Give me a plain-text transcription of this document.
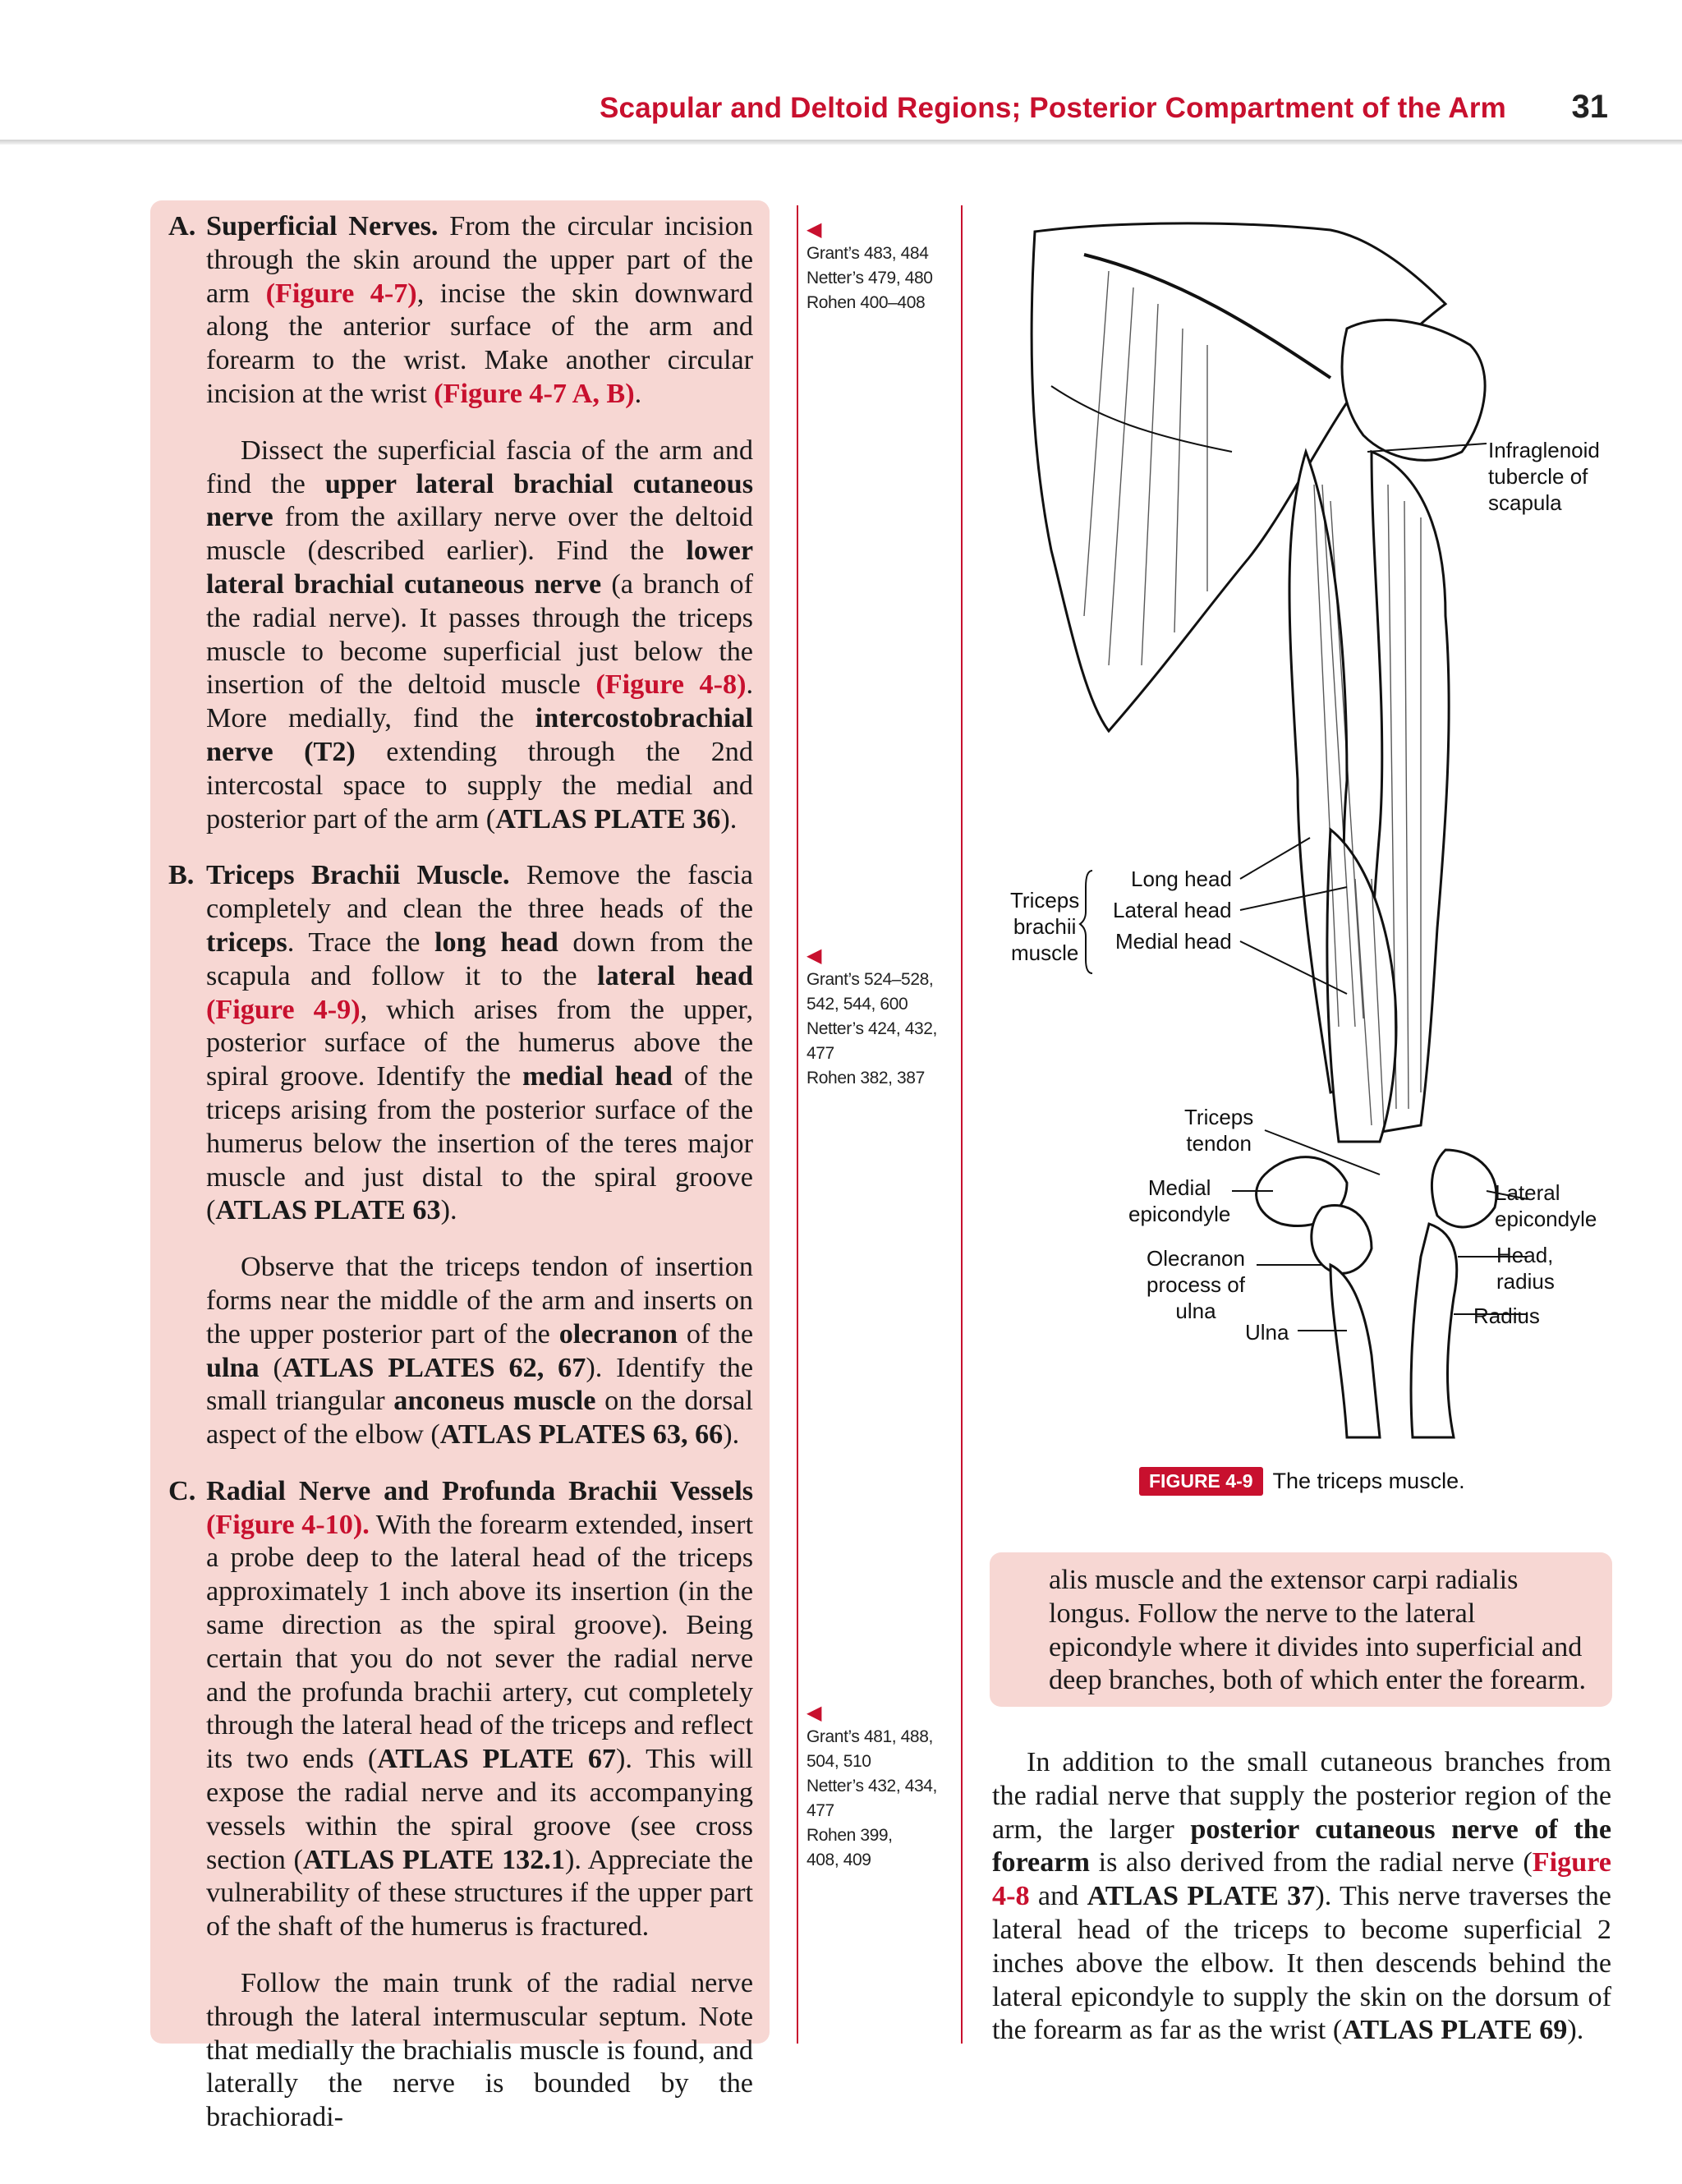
Scapular and Deltoid Regions; Posterior Compartment of the Arm 31
A. Superficial Nerves. From the circular incision through the skin around the upper part of the arm (Figure 4-7), incise the skin downward along the anterior surface of the arm and forearm to the wrist. Make another circular incision at the wrist (Figure 4-7 A, B).

Dissect the superficial fascia of the arm and find the upper lateral brachial cutaneous nerve from the axillary nerve over the deltoid muscle (described earlier). Find the lower lateral brachial cutaneous nerve (a branch of the radial nerve). It passes through the triceps muscle to become superficial just below the insertion of the deltoid muscle (Figure 4-8). More medially, find the intercostobrachial nerve (T2) extending through the 2nd intercostal space to supply the medial and posterior part of the arm (ATLAS PLATE 36).

B. Triceps Brachii Muscle. Remove the fascia completely and clean the three heads of the triceps. Trace the long head down from the scapula and follow it to the lateral head (Figure 4-9), which arises from the upper, posterior surface of the humerus above the spiral groove. Identify the medial head of the triceps arising from the posterior surface of the humerus below the insertion of the teres major muscle and just distal to the spiral groove (ATLAS PLATE 63).

Observe that the triceps tendon of insertion forms near the middle of the arm and inserts on the upper posterior part of the olecranon of the ulna (ATLAS PLATES 62, 67). Identify the small triangular anconeus muscle on the dorsal aspect of the elbow (ATLAS PLATES 63, 66).

C. Radial Nerve and Profunda Brachii Vessels (Figure 4-10). With the forearm extended, insert a probe deep to the lateral head of the triceps approximately 1 inch above its insertion (in the same direction as the spiral groove). Being certain that you do not sever the radial nerve and the profunda brachii artery, cut completely through the lateral head of the triceps and reflect its two ends (ATLAS PLATE 67). This will expose the radial nerve and its accompanying vessels within the spiral groove (see cross section (ATLAS PLATE 132.1). Appreciate the vulnerability of these structures if the upper part of the shaft of the humerus is fractured.

Follow the main trunk of the radial nerve through the lateral intermuscular septum. Note that medially the brachialis muscle is found, and laterally the nerve is bounded by the brachioradi-

◀
Grant’s 483, 484
Netter’s 479, 480
Rohen 400–408
◀
Grant’s 524–528,
542, 544, 600
Netter’s 424, 432,
477
Rohen 382, 387
◀
Grant’s 481, 488,
504, 510
Netter’s 432, 434,
477
Rohen 399,
408, 409
Infraglenoid
tubercle of
scapula
Triceps
brachii
muscle
Long head
Lateral head
Medial head
Triceps
tendon
Medial
epicondyle
Olecranon
process of
ulna
Ulna
Lateral
epicondyle
Head,
radius
Radius
FIGURE 4-9 The triceps muscle.
alis muscle and the extensor carpi radialis longus. Follow the nerve to the lateral epicondyle where it divides into superficial and deep branches, both of which enter the forearm.

In addition to the small cutaneous branches from the radial nerve that supply the posterior region of the arm, the larger posterior cutaneous nerve of the forearm is also derived from the radial nerve (Figure 4-8 and ATLAS PLATE 37). This nerve traverses the lateral head of the triceps to become superficial 2 inches above the elbow. It then descends behind the lateral epicondyle to supply the skin on the dorsum of the forearm as far as the wrist (ATLAS PLATE 69).
